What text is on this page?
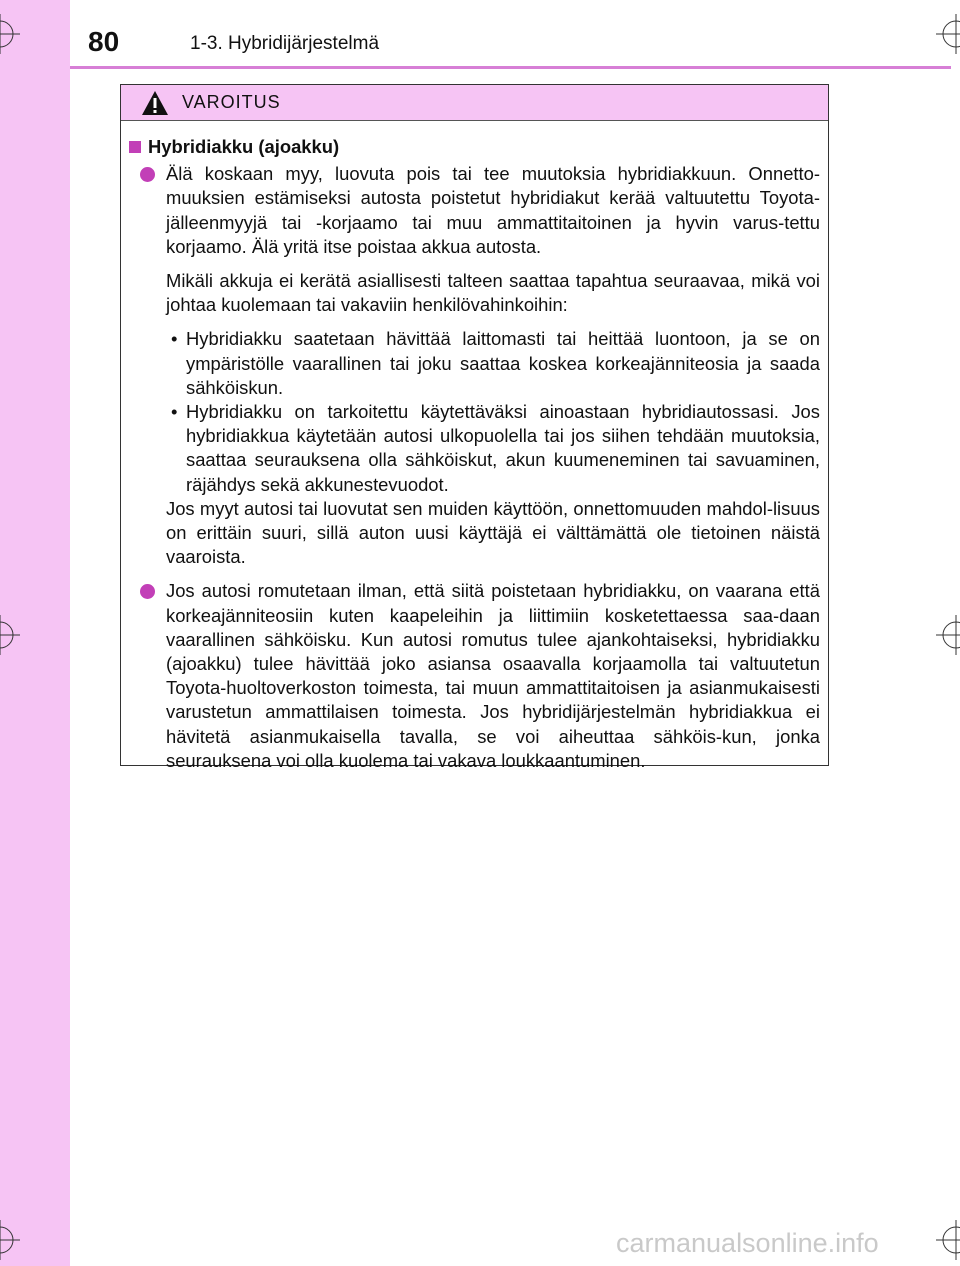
80	1-3. Hybridijärjestelmä
VAROITUS
Hybridiakku (ajoakku)

Älä koskaan myy, luovuta pois tai tee muutoksia hybridiakkuun. Onnetto-muuksien estämiseksi autosta poistetut hybridiakut kerää valtuutettu Toyota-jälleenmyyjä tai -korjaamo tai muu ammattitaitoinen ja hyvin varus-tettu korjaamo. Älä yritä itse poistaa akkua autosta.

Mikäli akkuja ei kerätä asiallisesti talteen saattaa tapahtua seuraavaa, mikä voi johtaa kuolemaan tai vakaviin henkilövahinkoihin:

• Hybridiakku saatetaan hävittää laittomasti tai heittää luontoon, ja se on ympäristölle vaarallinen tai joku saattaa koskea korkeajänniteosia ja saada sähköiskun.
• Hybridiakku on tarkoitettu käytettäväksi ainoastaan hybridiautossasi. Jos hybridiakkua käytetään autosi ulkopuolella tai jos siihen tehdään muutoksia, saattaa seurauksena olla sähköiskut, akun kuumeneminen tai savuaminen, räjähdys sekä akkunestevuodot.

Jos myyt autosi tai luovutat sen muiden käyttöön, onnettomuuden mahdol-lisuus on erittäin suuri, sillä auton uusi käyttäjä ei välttämättä ole tietoinen näistä vaaroista.

Jos autosi romutetaan ilman, että siitä poistetaan hybridiakku, on vaarana että korkeajänniteosiin kuten kaapeleihin ja liittimiin kosketettaessa saa-daan vaarallinen sähköisku. Kun autosi romutus tulee ajankohtaiseksi, hybridiakku (ajoakku) tulee hävittää joko asiansa osaavalla korjaamolla tai valtuutetun Toyota-huoltoverkoston toimesta, tai muun ammattitaitoisen ja asianmukaisesti varustetun ammattilaisen toimesta. Jos hybridijärjestelmän hybridiakkua ei hävitetä asianmukaisella tavalla, se voi aiheuttaa sähköis-kun, jonka seurauksena voi olla kuolema tai vakava loukkaantuminen.

carmanualsonline.info
